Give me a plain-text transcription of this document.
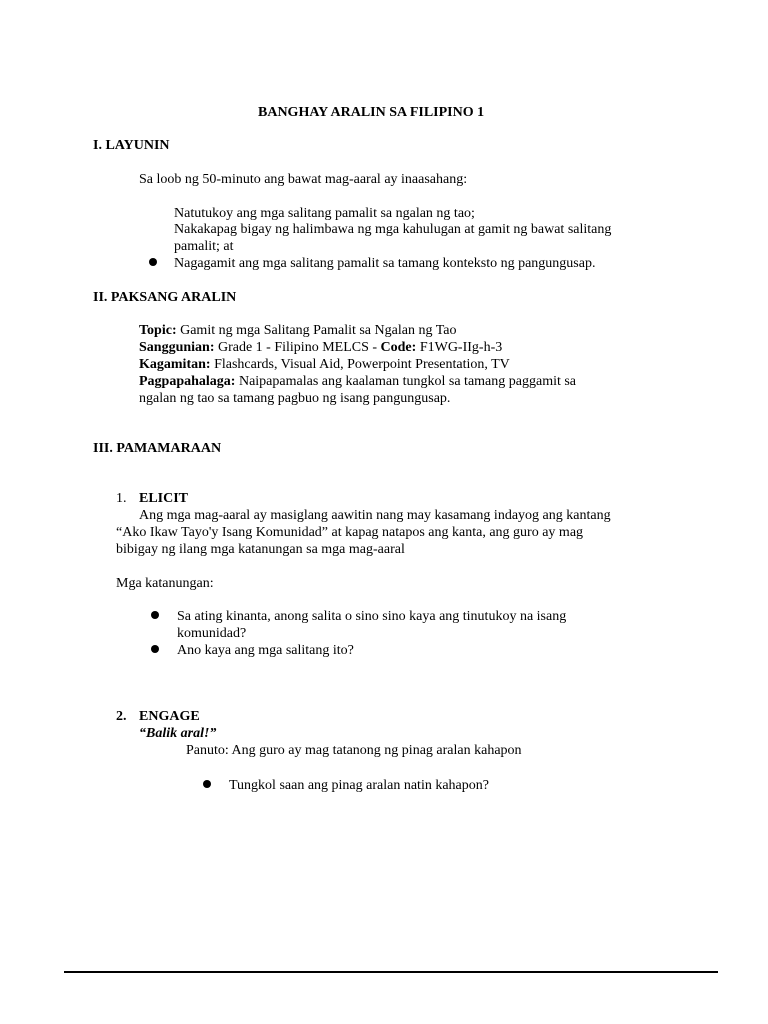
BANGHAY ARALIN SA FILIPINO 1
I. LAYUNIN
Sa loob ng 50-minuto ang bawat mag-aaral ay inaasahang:
Natutukoy ang mga salitang pamalit sa ngalan ng tao;
Nakakapag bigay ng halimbawa ng mga kahulugan at gamit ng bawat salitang
pamalit; at
Nagagamit ang mga salitang pamalit sa tamang konteksto ng pangungusap.
II. PAKSANG ARALIN
Topic: Gamit ng mga Salitang Pamalit sa Ngalan ng Tao
Sanggunian: Grade 1 - Filipino MELCS - Code: F1WG-IIg-h-3
Kagamitan: Flashcards, Visual Aid, Powerpoint Presentation, TV
Pagpapahalaga: Naipapamalas ang kaalaman tungkol sa tamang paggamit sa
ngalan ng tao sa tamang pagbuo ng isang pangungusap.
III. PAMAMARAAN
1. ELICIT
Ang mga mag-aaral ay masiglang aawitin nang may kasamang indayog ang kantang
“Ako Ikaw Tayo'y Isang Komunidad” at kapag natapos ang kanta, ang guro ay mag
bibigay ng ilang mga katanungan sa mga mag-aaral
Mga katanungan:
Sa ating kinanta, anong salita o sino sino kaya ang tinutukoy na isang
komunidad?
Ano kaya ang mga salitang ito?
2. ENGAGE
“Balik aral!”
Panuto: Ang guro ay mag tatanong ng pinag aralan kahapon
Tungkol saan ang pinag aralan natin kahapon?
